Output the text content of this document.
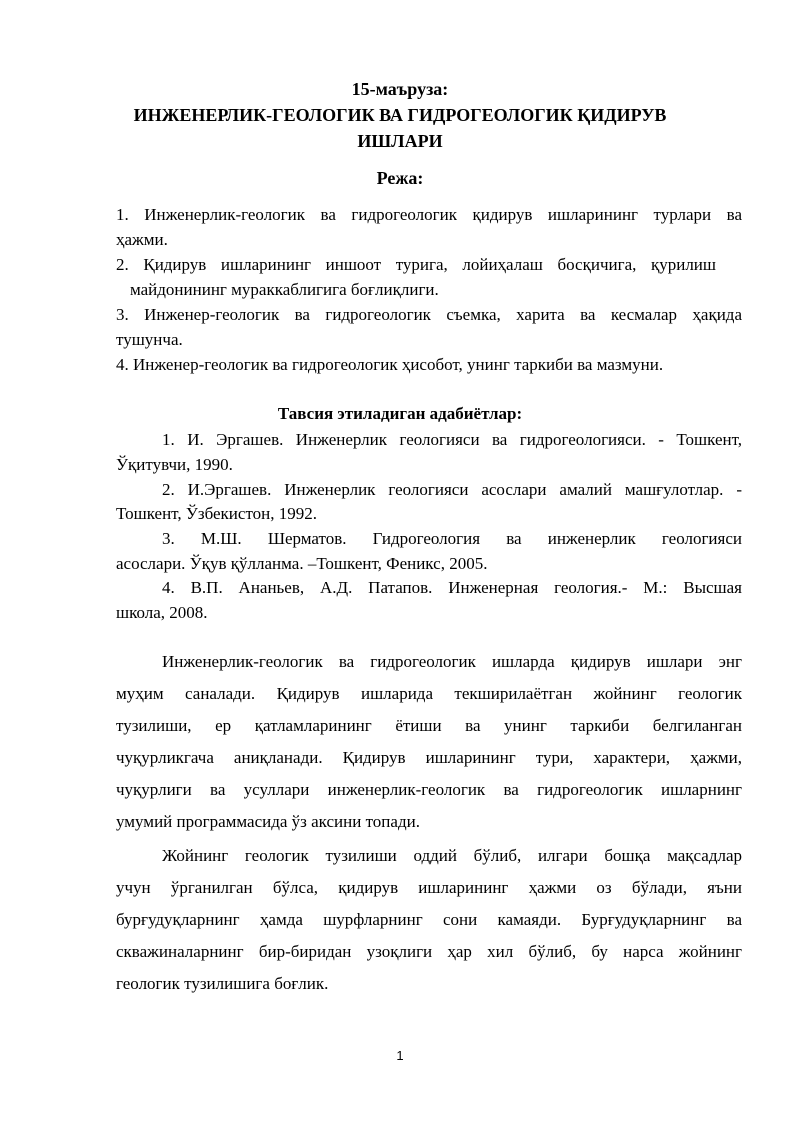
15-маъруза:
ИНЖЕНЕРЛИК-ГЕОЛОГИК ВА ГИДРОГЕОЛОГИК ҚИДИРУВ
ИШЛАРИ
Режа:
1. Инженерлик-геологик ва гидрогеологик қидирув ишларининг турлари ва
ҳажми.
2. Қидирув ишларининг иншоот турига, лойиҳалаш босқичига, қурилиш
майдонининг мураккаблигига боғлиқлиги.
3. Инженер-геологик ва гидрогеологик съемка, харита ва кесмалар ҳақида
тушунча.
4. Инженер-геологик ва гидрогеологик ҳисобот, унинг таркиби ва мазмуни.
Тавсия этиладиган адабиётлар:
1. И. Эргашев. Инженерлик геологияси ва гидрогеологияси. - Тошкент,
Ўқитувчи, 1990.
2. И.Эргашев. Инженерлик геологияси асослари амалий машғулотлар. -
Тошкент, Ўзбекистон, 1992.
3. М.Ш. Шерматов. Гидрогеология ва инженерлик геологияси
асослари. Ўқув қўлланма. –Тошкент, Феникс, 2005.
4. В.П. Ананьев, А.Д. Патапов. Инженерная геология.- М.: Высшая
школа, 2008.
Инженерлик-геологик ва гидрогеологик ишларда қидирув ишлари энг
муҳим саналади. Қидирув ишларида текширилаётган жойнинг геологик
тузилиши, ер қатламларининг ётиши ва унинг таркиби белгиланган
чуқурликгача аниқланади. Қидирув ишларининг тури, характери, ҳажми,
чуқурлиги ва усуллари инженерлик-геологик ва гидрогеологик ишларнинг
умумий программасида ўз аксини топади.
Жойнинг геологик тузилиши оддий бўлиб, илгари бошқа мақсадлар
учун ўрганилган бўлса, қидирув ишларининг ҳажми оз бўлади, яъни
бурғудуқларнинг ҳамда шурфларнинг сони камаяди. Бурғудуқларнинг ва
скважиналарнинг бир-биридан узоқлиги ҳар хил бўлиб, бу нарса жойнинг
геологик тузилишига боғлик.
1
